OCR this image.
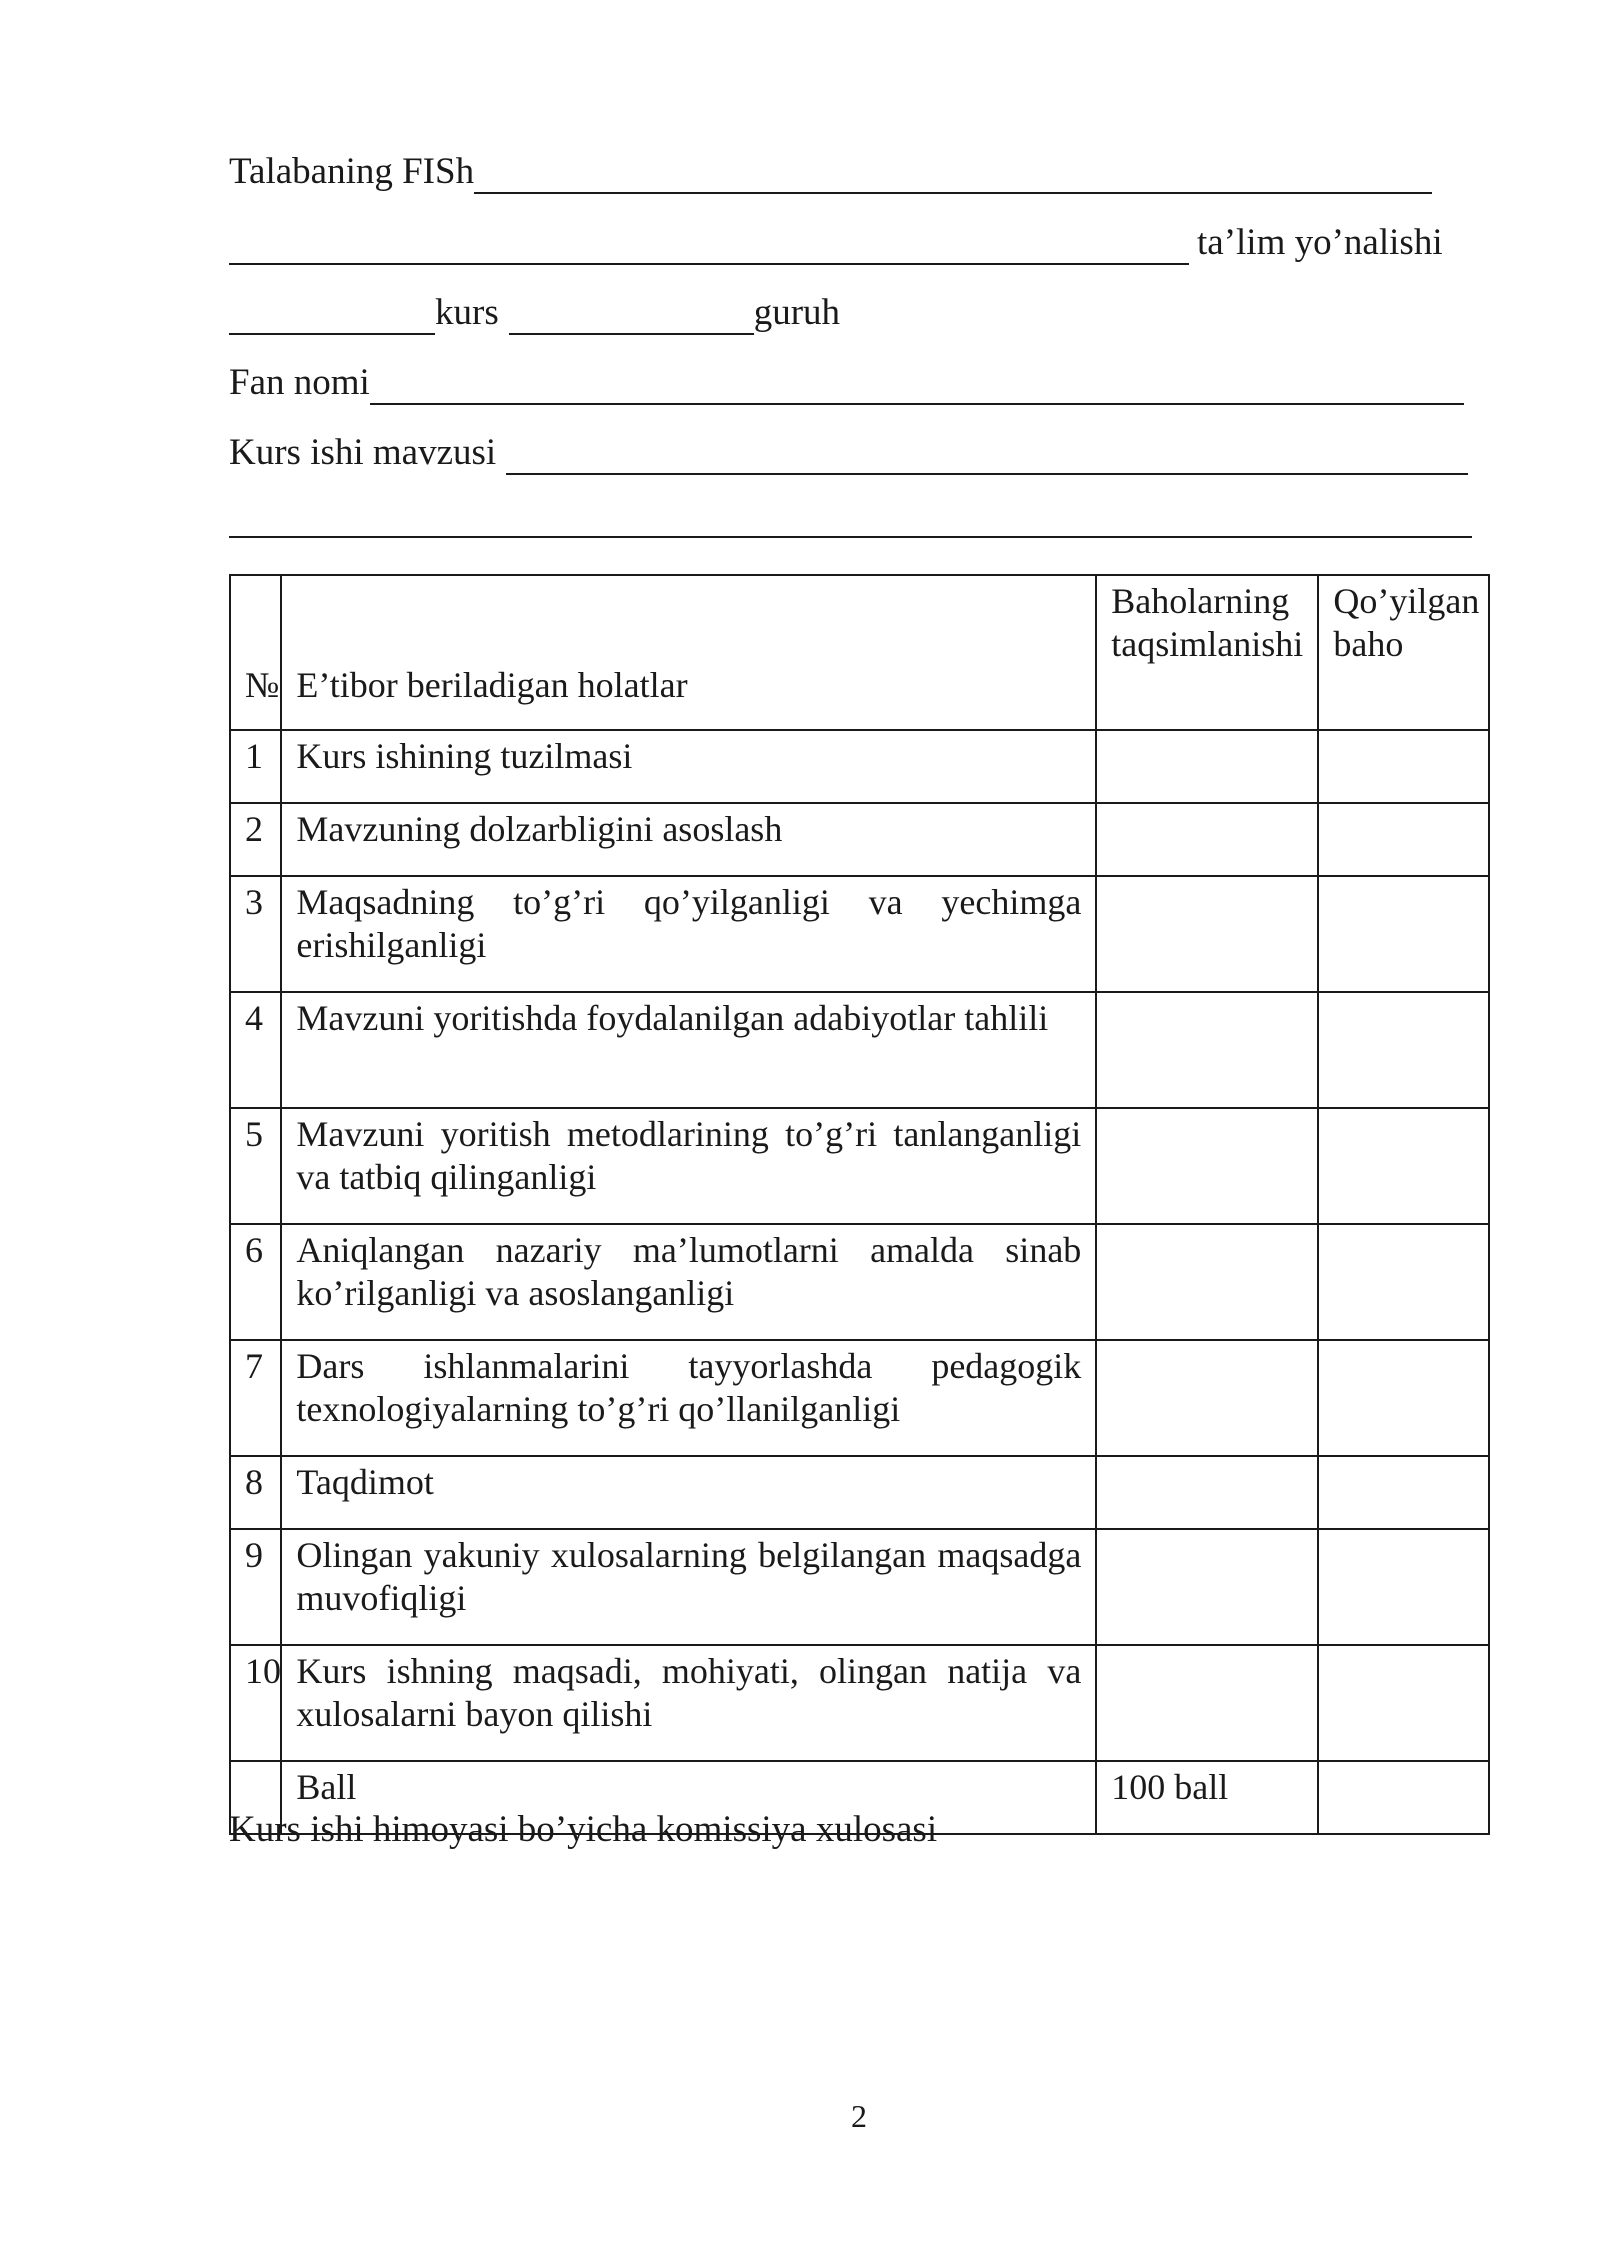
Talabaning FISh
ta’lim yo’nalishi
kurs	guruh
Fan nomi
Kurs ishi mavzusi
№	E’tibor beriladigan holatlar	Baholarning taqsimlanishi	Qo’yilgan baho
1	Kurs ishining tuzilmasi		
2	Mavzuning dolzarbligini asoslash		
3	Maqsadning to’g’ri qo’yilganligi va yechimga erishilganligi		
4	Mavzuni yoritishda foydalanilgan adabiyotlar tahlili		
5	Mavzuni yoritish metodlarining to’g’ri tanlanganligi va tatbiq qilinganligi		
6	Aniqlangan nazariy ma’lumotlarni amalda sinab ko’rilganligi va asoslanganligi		
7	Dars ishlanmalarini tayyorlashda pedagogik texnologiyalarning to’g’ri qo’llanilganligi		
8	Taqdimot		
9	Olingan yakuniy xulosalarning belgilangan maqsadga muvofiqligi		
10	Kurs ishning maqsadi, mohiyati, olingan natija va xulosalarni bayon qilishi		
	Ball	100 ball	
Kurs ishi himoyasi bo’yicha komissiya xulosasi
2
